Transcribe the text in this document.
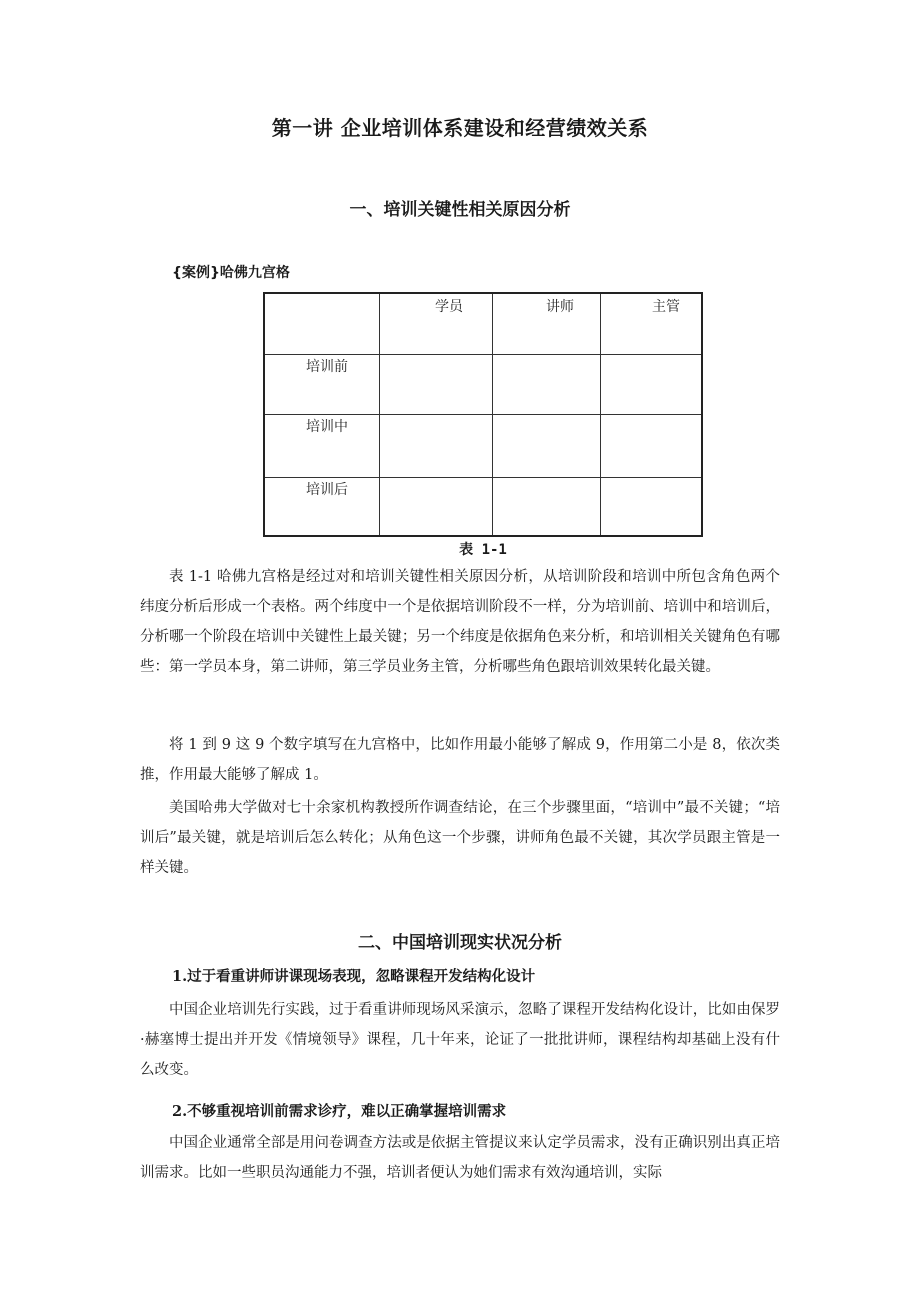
第一讲 企业培训体系建设和经营绩效关系
一、培训关键性相关原因分析
{案例}哈佛九宫格
学员	讲师	主管
培训前
培训中
培训后
表 1-1

表 1-1 哈佛九宫格是经过对和培训关键性相关原因分析，从培训阶段和培训中所包含角色两个纬度分析后形成一个表格。两个纬度中一个是依据培训阶段不一样，分为培训前、培训中和培训后，分析哪一个阶段在培训中关键性上最关键；另一个纬度是依据角色来分析，和培训相关关键角色有哪些：第一学员本身，第二讲师，第三学员业务主管，分析哪些角色跟培训效果转化最关键。

将 1 到 9 这 9 个数字填写在九宫格中，比如作用最小能够了解成 9，作用第二小是 8，依次类推，作用最大能够了解成 1。

美国哈弗大学做对七十余家机构教授所作调查结论，在三个步骤里面，“培训中”最不关键；“培训后”最关键，就是培训后怎么转化；从角色这一个步骤，讲师角色最不关键，其次学员跟主管是一样关键。

二、中国培训现实状况分析

1.过于看重讲师讲课现场表现，忽略课程开发结构化设计

中国企业培训先行实践，过于看重讲师现场风采演示，忽略了课程开发结构化设计，比如由保罗·赫塞博士提出并开发《情境领导》课程，几十年来，论证了一批批讲师，课程结构却基础上没有什么改变。

2.不够重视培训前需求诊疗，难以正确掌握培训需求

中国企业通常全部是用问卷调查方法或是依据主管提议来认定学员需求，没有正确识别出真正培训需求。比如一些职员沟通能力不强，培训者便认为她们需求有效沟通培训，实际
